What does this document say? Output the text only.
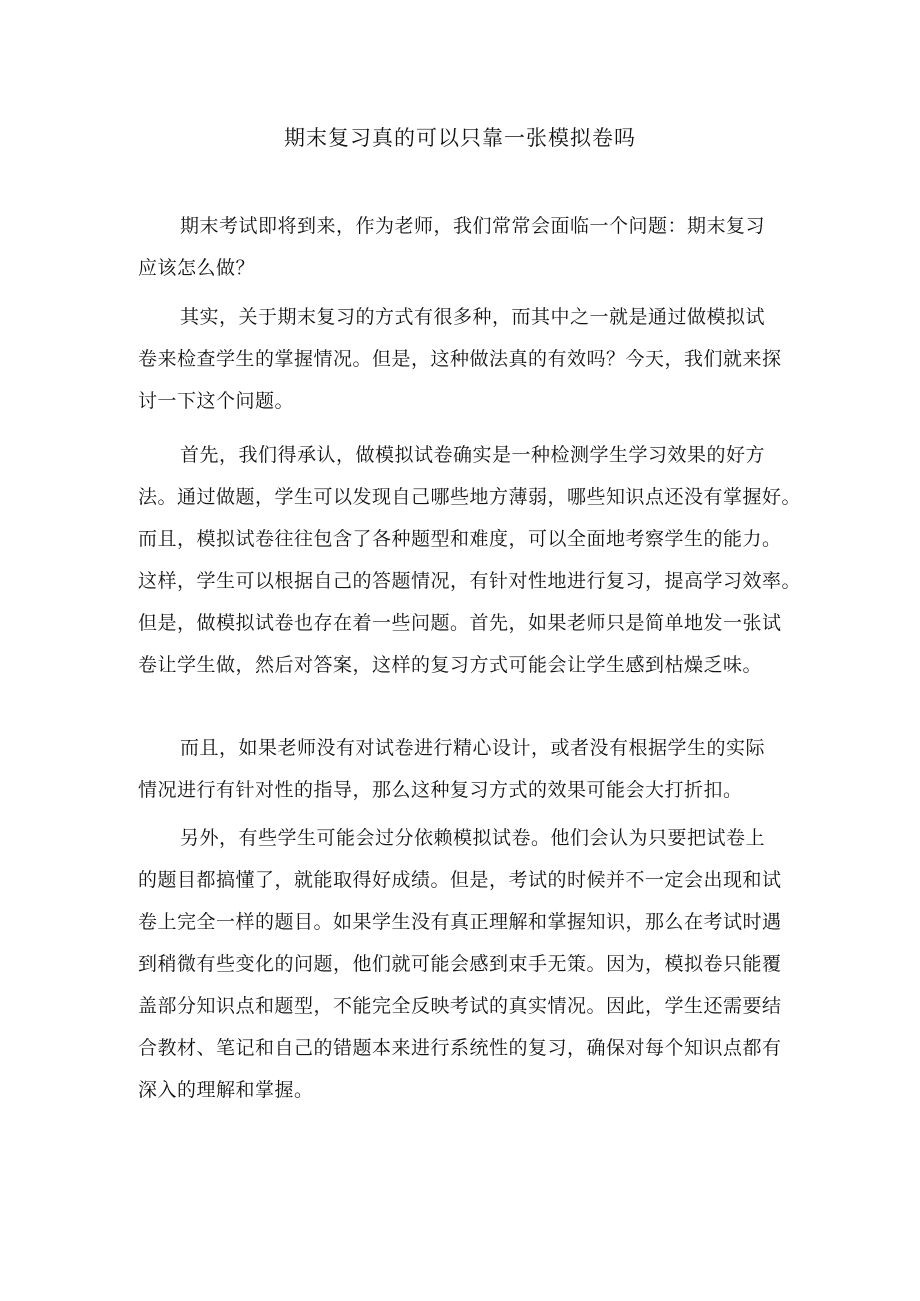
期末复习真的可以只靠一张模拟卷吗
期末考试即将到来，作为老师，我们常常会面临一个问题：期末复习
应该怎么做？
其实，关于期末复习的方式有很多种，而其中之一就是通过做模拟试
卷来检查学生的掌握情况。但是，这种做法真的有效吗？今天，我们就来探
讨一下这个问题。
首先，我们得承认，做模拟试卷确实是一种检测学生学习效果的好方
法。通过做题，学生可以发现自己哪些地方薄弱，哪些知识点还没有掌握好。
而且，模拟试卷往往包含了各种题型和难度，可以全面地考察学生的能力。
这样，学生可以根据自己的答题情况，有针对性地进行复习，提高学习效率。
但是，做模拟试卷也存在着一些问题。首先，如果老师只是简单地发一张试
卷让学生做，然后对答案，这样的复习方式可能会让学生感到枯燥乏味。
而且，如果老师没有对试卷进行精心设计，或者没有根据学生的实际
情况进行有针对性的指导，那么这种复习方式的效果可能会大打折扣。
另外，有些学生可能会过分依赖模拟试卷。他们会认为只要把试卷上
的题目都搞懂了，就能取得好成绩。但是，考试的时候并不一定会出现和试
卷上完全一样的题目。如果学生没有真正理解和掌握知识，那么在考试时遇
到稍微有些变化的问题，他们就可能会感到束手无策。因为，模拟卷只能覆
盖部分知识点和题型，不能完全反映考试的真实情况。因此，学生还需要结
合教材、笔记和自己的错题本来进行系统性的复习，确保对每个知识点都有
深入的理解和掌握。
